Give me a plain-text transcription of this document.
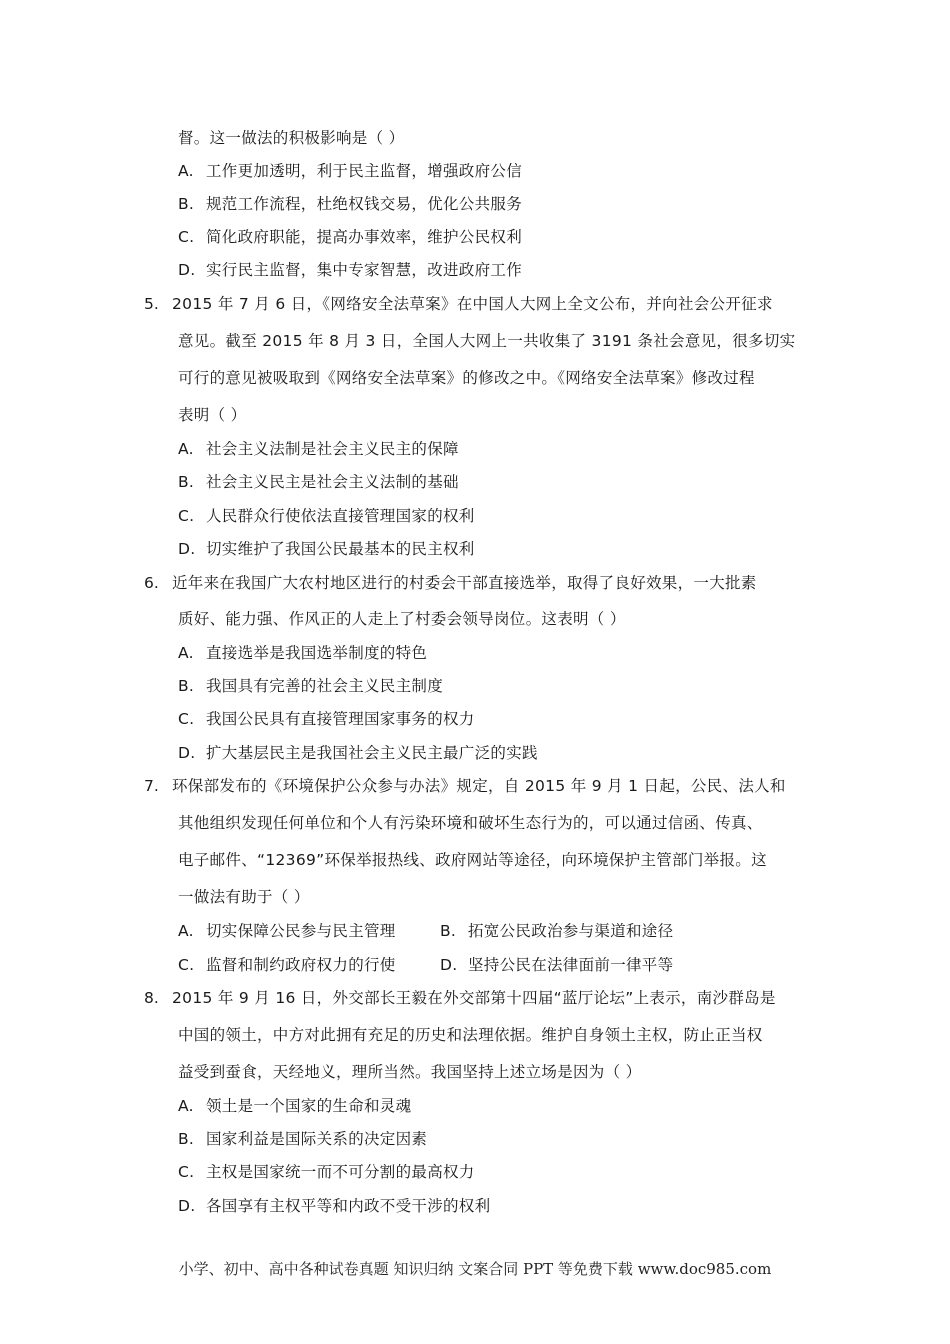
督。这一做法的积极影响是（ ）
A. 工作更加透明，利于民主监督，增强政府公信
B. 规范工作流程，杜绝权钱交易，优化公共服务
C. 简化政府职能，提高办事效率，维护公民权利
D. 实行民主监督，集中专家智慧，改进政府工作
5. 2015 年 7 月 6 日，《网络安全法草案》在中国人大网上全文公布，并向社会公开征求
意见。截至 2015 年 8 月 3 日，全国人大网上一共收集了 3191 条社会意见，很多切实
可行的意见被吸取到《网络安全法草案》的修改之中。《网络安全法草案》修改过程
表明（ ）
A. 社会主义法制是社会主义民主的保障
B. 社会主义民主是社会主义法制的基础
C. 人民群众行使依法直接管理国家的权利
D. 切实维护了我国公民最基本的民主权利
6. 近年来在我国广大农村地区进行的村委会干部直接选举，取得了良好效果，一大批素
质好、能力强、作风正的人走上了村委会领导岗位。这表明（ ）
A. 直接选举是我国选举制度的特色
B. 我国具有完善的社会主义民主制度
C. 我国公民具有直接管理国家事务的权力
D. 扩大基层民主是我国社会主义民主最广泛的实践
7. 环保部发布的《环境保护公众参与办法》规定，自 2015 年 9 月 1 日起，公民、法人和
其他组织发现任何单位和个人有污染环境和破坏生态行为的，可以通过信函、传真、
电子邮件、“12369”环保举报热线、政府网站等途径，向环境保护主管部门举报。这
一做法有助于（ ）
A. 切实保障公民参与民主管理	B. 拓宽公民政治参与渠道和途径
C. 监督和制约政府权力的行使	D. 坚持公民在法律面前一律平等
8. 2015 年 9 月 16 日，外交部长王毅在外交部第十四届“蓝厅论坛”上表示，南沙群岛是
中国的领土，中方对此拥有充足的历史和法理依据。维护自身领土主权，防止正当权
益受到蚕食，天经地义，理所当然。我国坚持上述立场是因为（ ）
A. 领土是一个国家的生命和灵魂
B. 国家利益是国际关系的决定因素
C. 主权是国家统一而不可分割的最高权力
D. 各国享有主权平等和内政不受干涉的权利
小学、初中、高中各种试卷真题 知识归纳 文案合同 PPT 等免费下载 www.doc985.com
